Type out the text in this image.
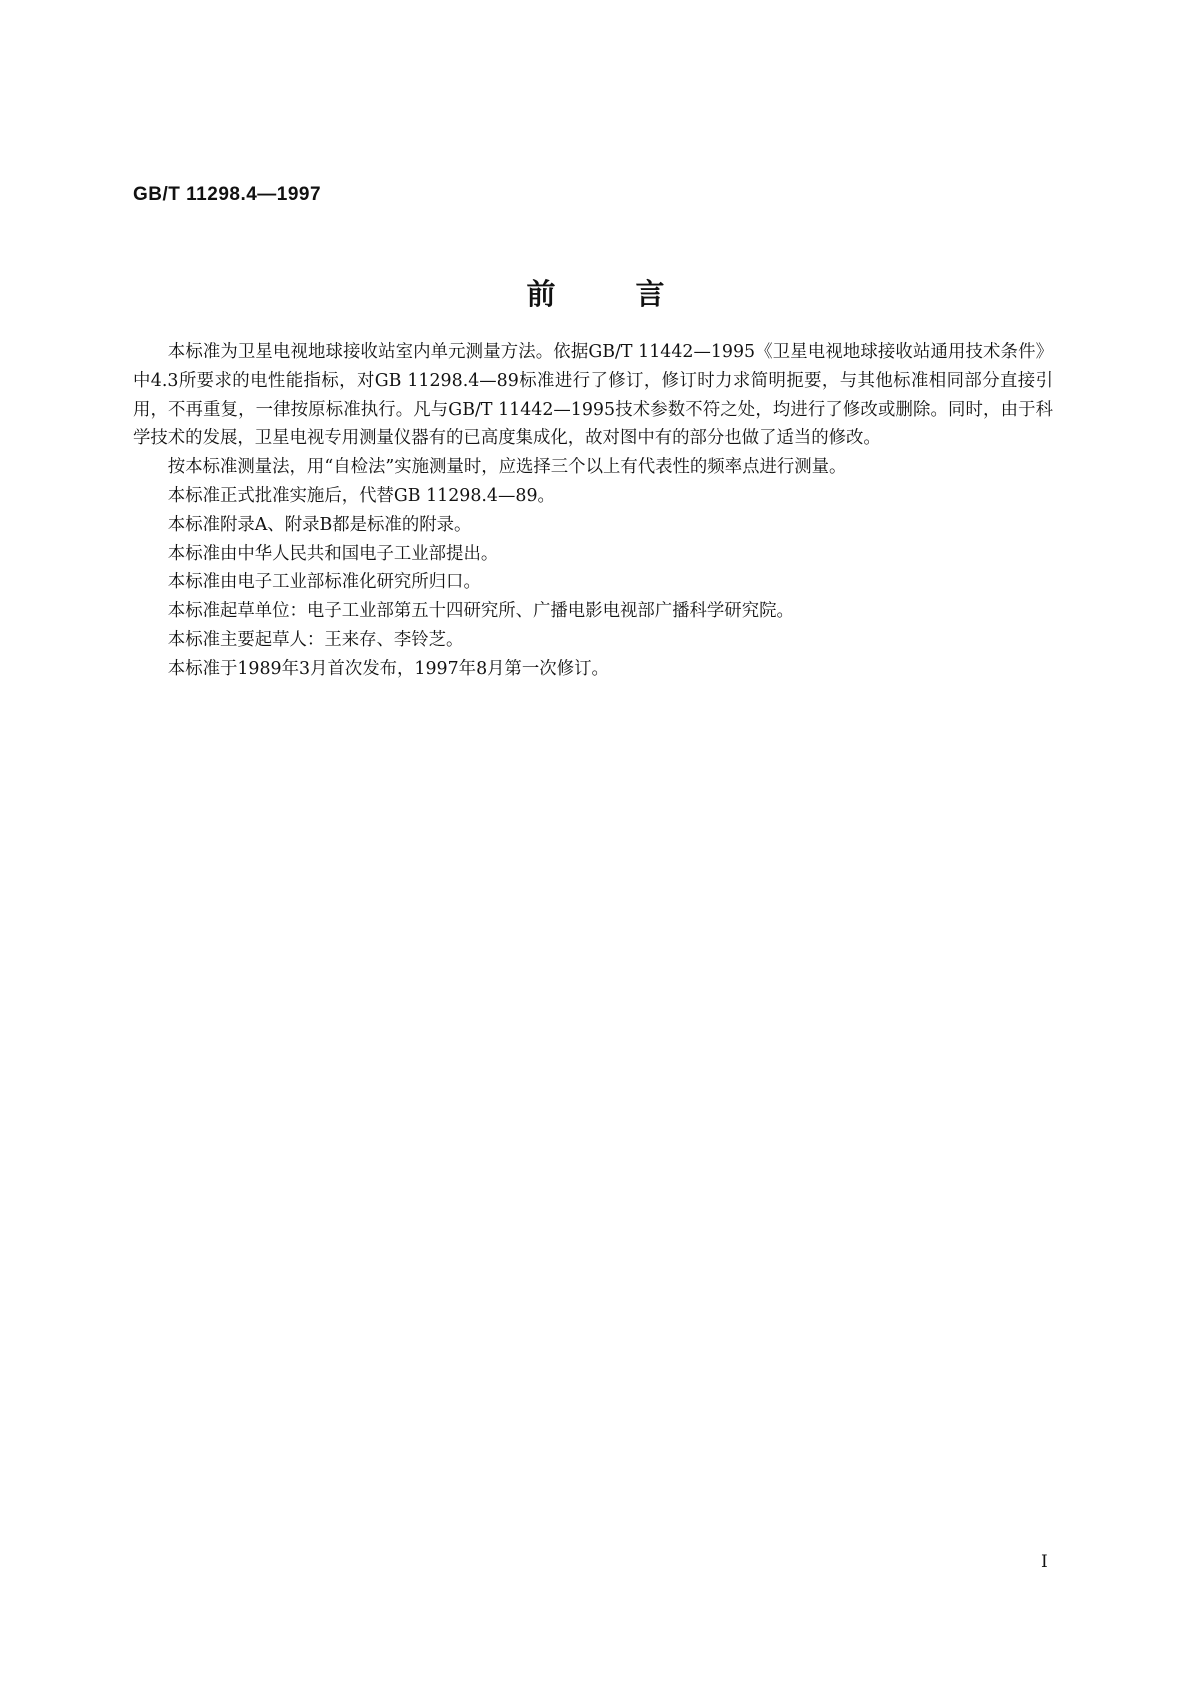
GB/T 11298.4—1997
前 言

本标准为卫星电视地球接收站室内单元测量方法。依据GB/T 11442—1995《卫星电视地球接收站通用技术条件》中4.3所要求的电性能指标，对GB 11298.4—89标准进行了修订，修订时力求简明扼要，与其他标准相同部分直接引用，不再重复，一律按原标准执行。凡与GB/T 11442—1995技术参数不符之处，均进行了修改或删除。同时，由于科学技术的发展，卫星电视专用测量仪器有的已高度集成化，故对图中有的部分也做了适当的修改。

按本标准测量法，用“自检法”实施测量时，应选择三个以上有代表性的频率点进行测量。

本标准正式批准实施后，代替GB 11298.4—89。

本标准附录A、附录B都是标准的附录。

本标准由中华人民共和国电子工业部提出。

本标准由电子工业部标准化研究所归口。

本标准起草单位：电子工业部第五十四研究所、广播电影电视部广播科学研究院。

本标准主要起草人：王来存、李铃芝。

本标准于1989年3月首次发布，1997年8月第一次修订。

I
